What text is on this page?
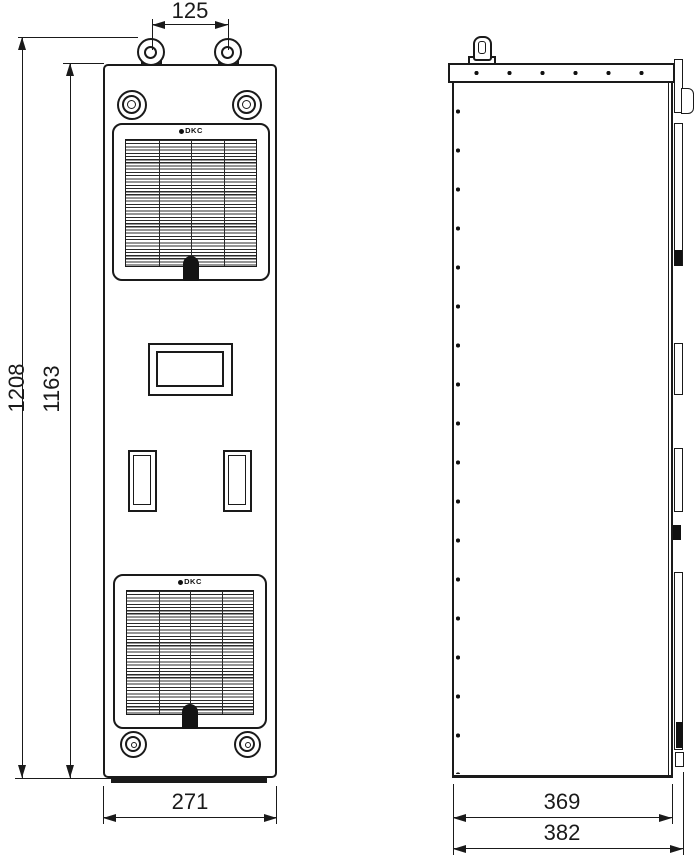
125
DKC
DKC
1208 1163
271	369
382
